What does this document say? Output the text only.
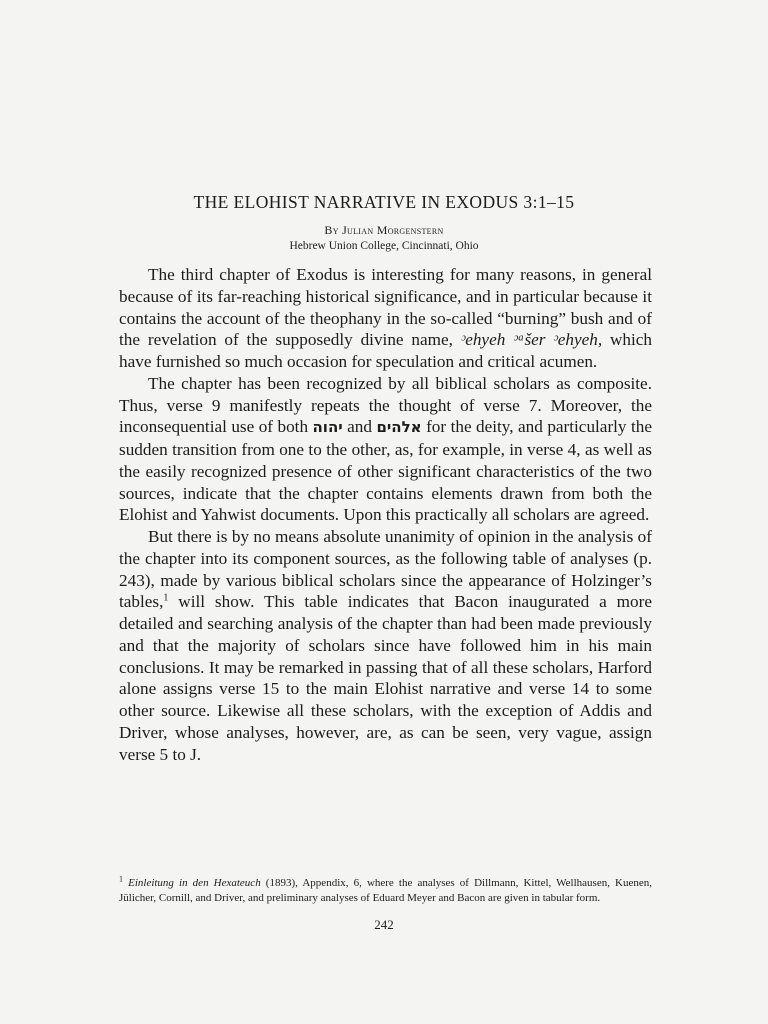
THE ELOHIST NARRATIVE IN EXODUS 3:1–15
By Julian Morgenstern
Hebrew Union College, Cincinnati, Ohio

The third chapter of Exodus is interesting for many reasons, in general because of its far-reaching historical significance, and in particular because it contains the account of the theophany in the so-called “burning” bush and of the revelation of the supposedly divine name, ᵓehyeh ᵓᵃšer ᵓehyeh, which have furnished so much occasion for speculation and critical acumen.

The chapter has been recognized by all biblical scholars as composite. Thus, verse 9 manifestly repeats the thought of verse 7. Moreover, the inconsequential use of both יהוה and אלהים for the deity, and particularly the sudden transition from one to the other, as, for example, in verse 4, as well as the easily recognized presence of other significant characteristics of the two sources, indicate that the chapter contains elements drawn from both the Elohist and Yahwist documents. Upon this practically all scholars are agreed.

But there is by no means absolute unanimity of opinion in the analysis of the chapter into its component sources, as the following table of analyses (p. 243), made by various biblical scholars since the appearance of Holzinger’s tables,$^1$ will show. This table indicates that Bacon inaugurated a more detailed and searching analysis of the chapter than had been made previously and that the majority of scholars since have followed him in his main conclusions. It may be remarked in passing that of all these scholars, Harford alone assigns verse 15 to the main Elohist narrative and verse 14 to some other source. Likewise all these scholars, with the exception of Addis and Driver, whose analyses, however, are, as can be seen, very vague, assign verse 5 to J.

$^1$ Einleitung in den Hexateuch (1893), Appendix, 6, where the analyses of Dillmann, Kittel, Wellhausen, Kuenen, Jülicher, Cornill, and Driver, and preliminary analyses of Eduard Meyer and Bacon are given in tabular form.
242
